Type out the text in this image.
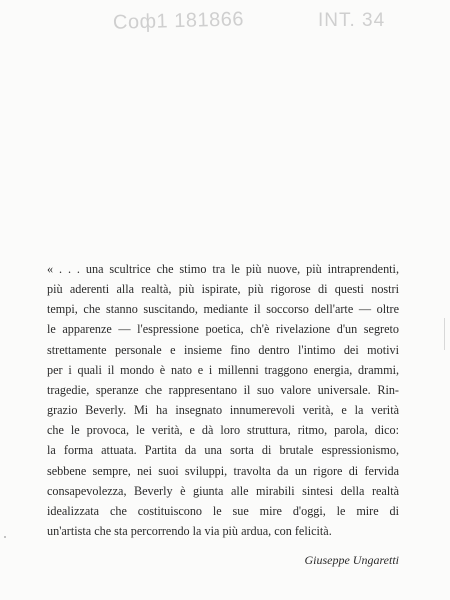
Coф1 181866	INT. 34

« . . . una scultrice che stimo tra le più nuove, più intraprendenti,
più aderenti alla realtà, più ispirate, più rigorose di questi nostri
tempi, che stanno suscitando, mediante il soccorso dell'arte — oltre
le apparenze — l'espressione poetica, ch'è rivelazione d'un segreto
strettamente personale e insieme fino dentro l'intimo dei motivi
per i quali il mondo è nato e i millenni traggono energia, drammi,
tragedie, speranze che rappresentano il suo valore universale. Rin-
grazio Beverly. Mi ha insegnato innumerevoli verità, e la verità
che le provoca, le verità, e dà loro struttura, ritmo, parola, dico:
la forma attuata. Partita da una sorta di brutale espressionismo,
sebbene sempre, nei suoi sviluppi, travolta da un rigore di fervida
consapevolezza, Beverly è giunta alle mirabili sintesi della realtà
idealizzata che costituiscono le sue mire d'oggi, le mire di
un'artista che sta percorrendo la via più ardua, con felicità.

Giuseppe Ungaretti
